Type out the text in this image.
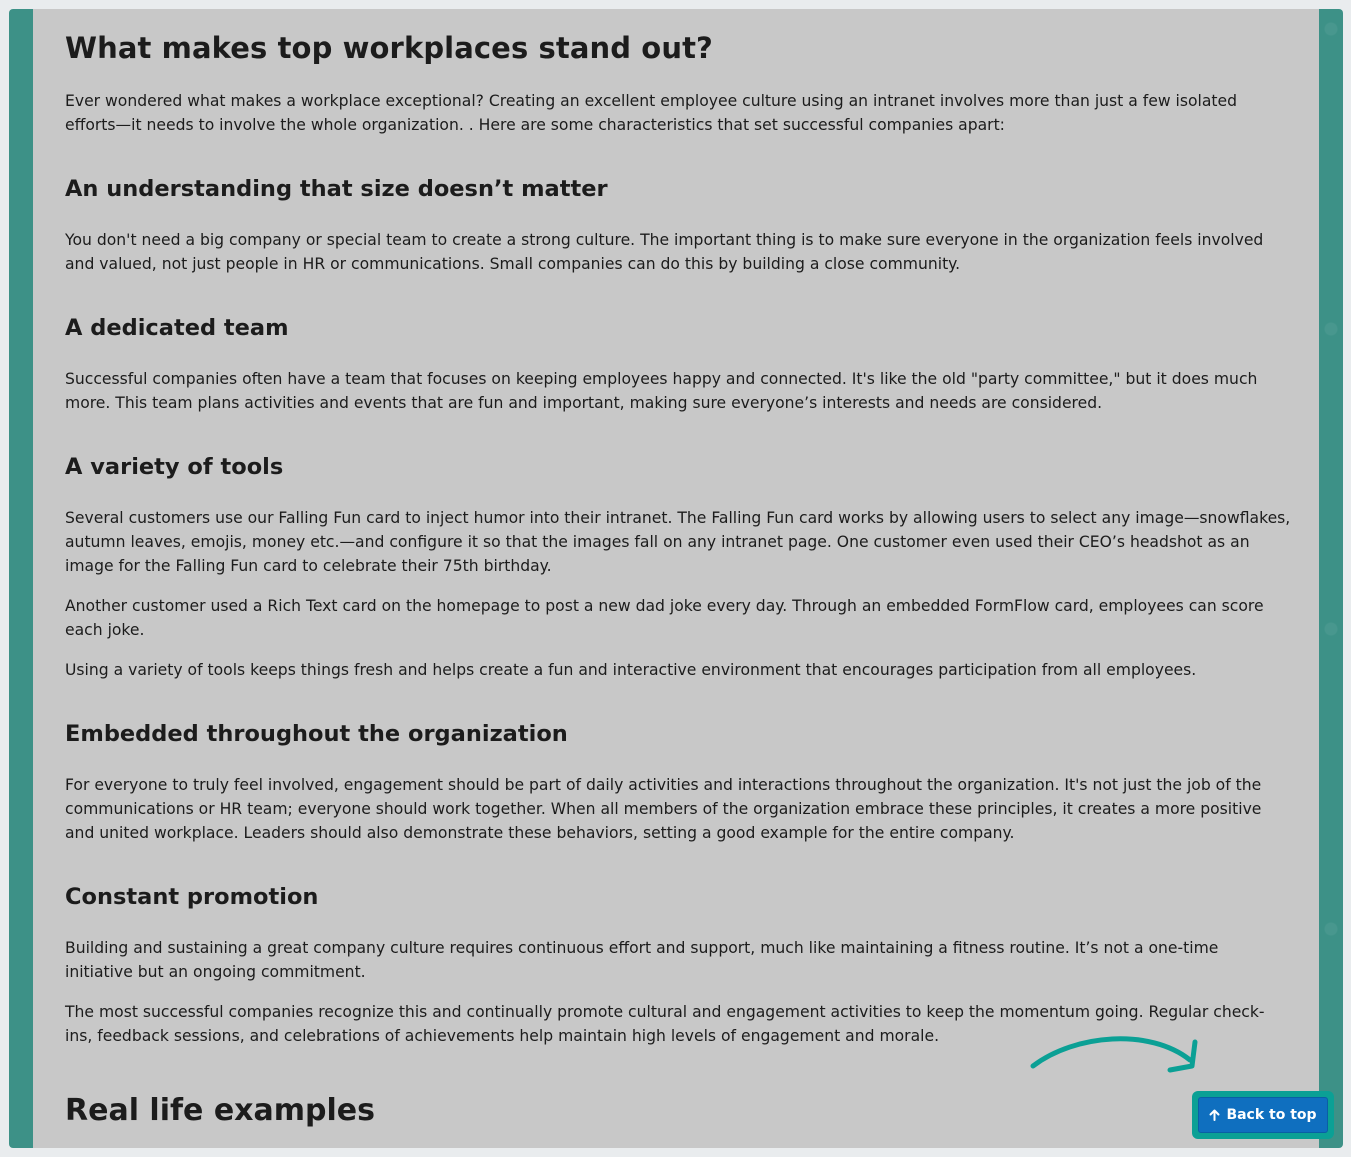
What makes top workplaces stand out?

Ever wondered what makes a workplace exceptional? Creating an excellent employee culture using an intranet involves more than just a few isolated efforts—it needs to involve the whole organization. . Here are some characteristics that set successful companies apart:

An understanding that size doesn’t matter

You don't need a big company or special team to create a strong culture. The important thing is to make sure everyone in the organization feels involved and valued, not just people in HR or communications. Small companies can do this by building a close community.

A dedicated team

Successful companies often have a team that focuses on keeping employees happy and connected. It's like the old "party committee," but it does much more. This team plans activities and events that are fun and important, making sure everyone’s interests and needs are considered.

A variety of tools

Several customers use our Falling Fun card to inject humor into their intranet. The Falling Fun card works by allowing users to select any image—snowflakes, autumn leaves, emojis, money etc.—and configure it so that the images fall on any intranet page. One customer even used their CEO’s headshot as an image for the Falling Fun card to celebrate their 75th birthday.

Another customer used a Rich Text card on the homepage to post a new dad joke every day. Through an embedded FormFlow card, employees can score each joke.

Using a variety of tools keeps things fresh and helps create a fun and interactive environment that encourages participation from all employees.

Embedded throughout the organization

For everyone to truly feel involved, engagement should be part of daily activities and interactions throughout the organization. It's not just the job of the communications or HR team; everyone should work together. When all members of the organization embrace these principles, it creates a more positive and united workplace. Leaders should also demonstrate these behaviors, setting a good example for the entire company.

Constant promotion

Building and sustaining a great company culture requires continuous effort and support, much like maintaining a fitness routine. It’s not a one-time initiative but an ongoing commitment.

The most successful companies recognize this and continually promote cultural and engagement activities to keep the momentum going. Regular check-ins, feedback sessions, and celebrations of achievements help maintain high levels of engagement and morale.

Real life examples	Back to top
